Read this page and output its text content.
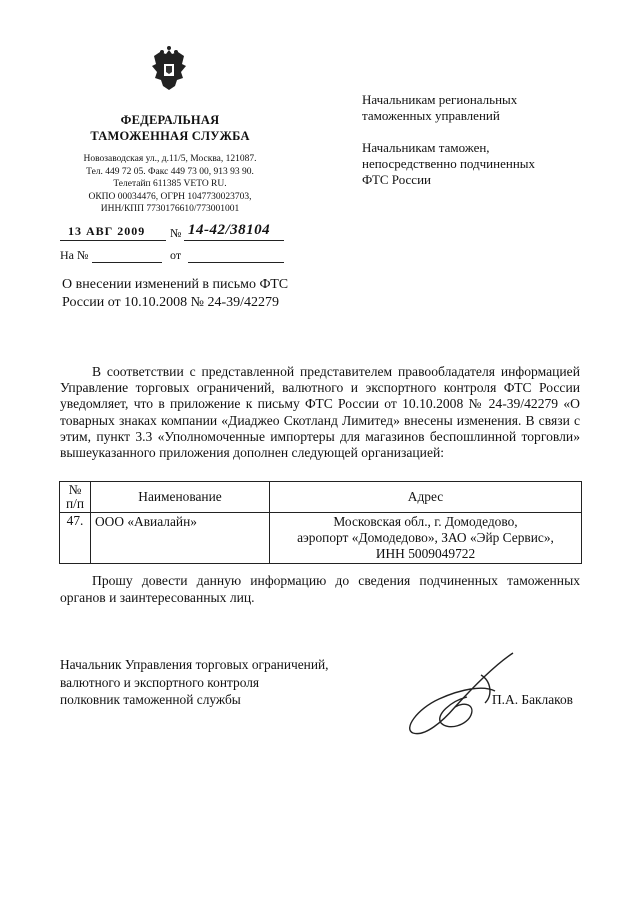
ФЕДЕРАЛЬНАЯ
ТАМОЖЕННАЯ СЛУЖБА
Новозаводская ул., д.11/5, Москва, 121087.
Тел. 449 72 05. Факс 449 73 00, 913 93 90.
Телетайп 611385 VETO RU.
ОКПО 00034476, ОГРН 1047730023703,
ИНН/КПП 7730176610/773001001

Начальникам региональных
таможенных управлений

Начальникам таможен,
непосредственно подчиненных
ФТС России

13 АВГ 2009 № 14-42/38104
На №	от
О внесении изменений в письмо ФТС
России от 10.10.2008 № 24-39/42279

В соответствии с представленной представителем правообладателя информацией Управление торговых ограничений, валютного и экспортного контроля ФТС России уведомляет, что в приложение к письму ФТС России от 10.10.2008 № 24-39/42279 «О товарных знаках компании «Диаджео Скотланд Лимитед» внесены изменения. В связи с этим, пункт 3.3 «Уполномоченные импортеры для магазинов беспошлинной торговли» вышеуказанного приложения дополнен следующей организацией:

№ п/п	Наименование	Адрес
47.	ООО «Авиалайн»	Московская обл., г. Домодедово,
аэропорт «Домодедово», ЗАО «Эйр Сервис»,
ИНН 5009049722

Прошу довести данную информацию до сведения подчиненных таможенных органов и заинтересованных лиц.

Начальник Управления торговых ограничений,
валютного и экспортного контроля
полковник таможенной службы	П.А. Баклаков
